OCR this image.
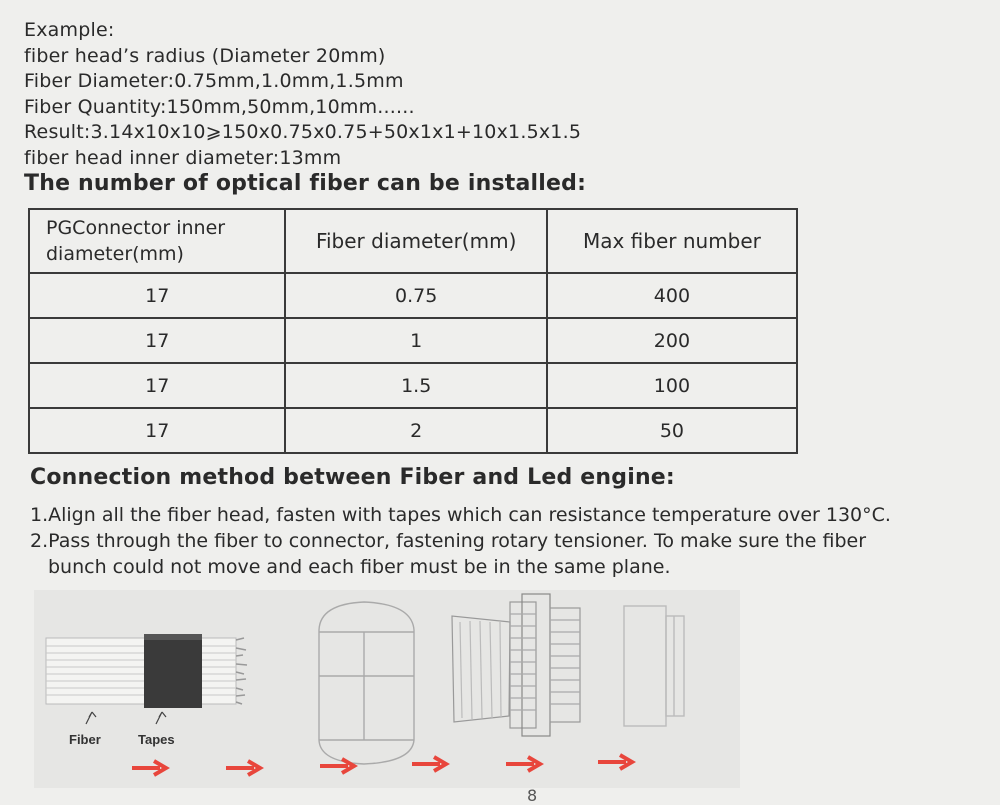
Example:
fiber head’s radius (Diameter 20mm)
Fiber Diameter:0.75mm,1.0mm,1.5mm
Fiber Quantity:150mm,50mm,10mm......
Result:3.14x10x10⩾150x0.75x0.75+50x1x1+10x1.5x1.5
fiber head inner diameter:13mm
The number of optical fiber can be installed:
PGConnector inner diameter(mm)	Fiber diameter(mm)	Max fiber number
17	0.75	400
17	1	200
17	1.5	100
17	2	50
Connection method between Fiber and Led engine:
1.Align all the fiber head, fasten with tapes which can resistance temperature over 130°C.
2.Pass through the fiber to connector, fastening rotary tensioner. To make sure the fiber
bunch could not move and each fiber must be in the same plane.
Fiber	Tapes
8
